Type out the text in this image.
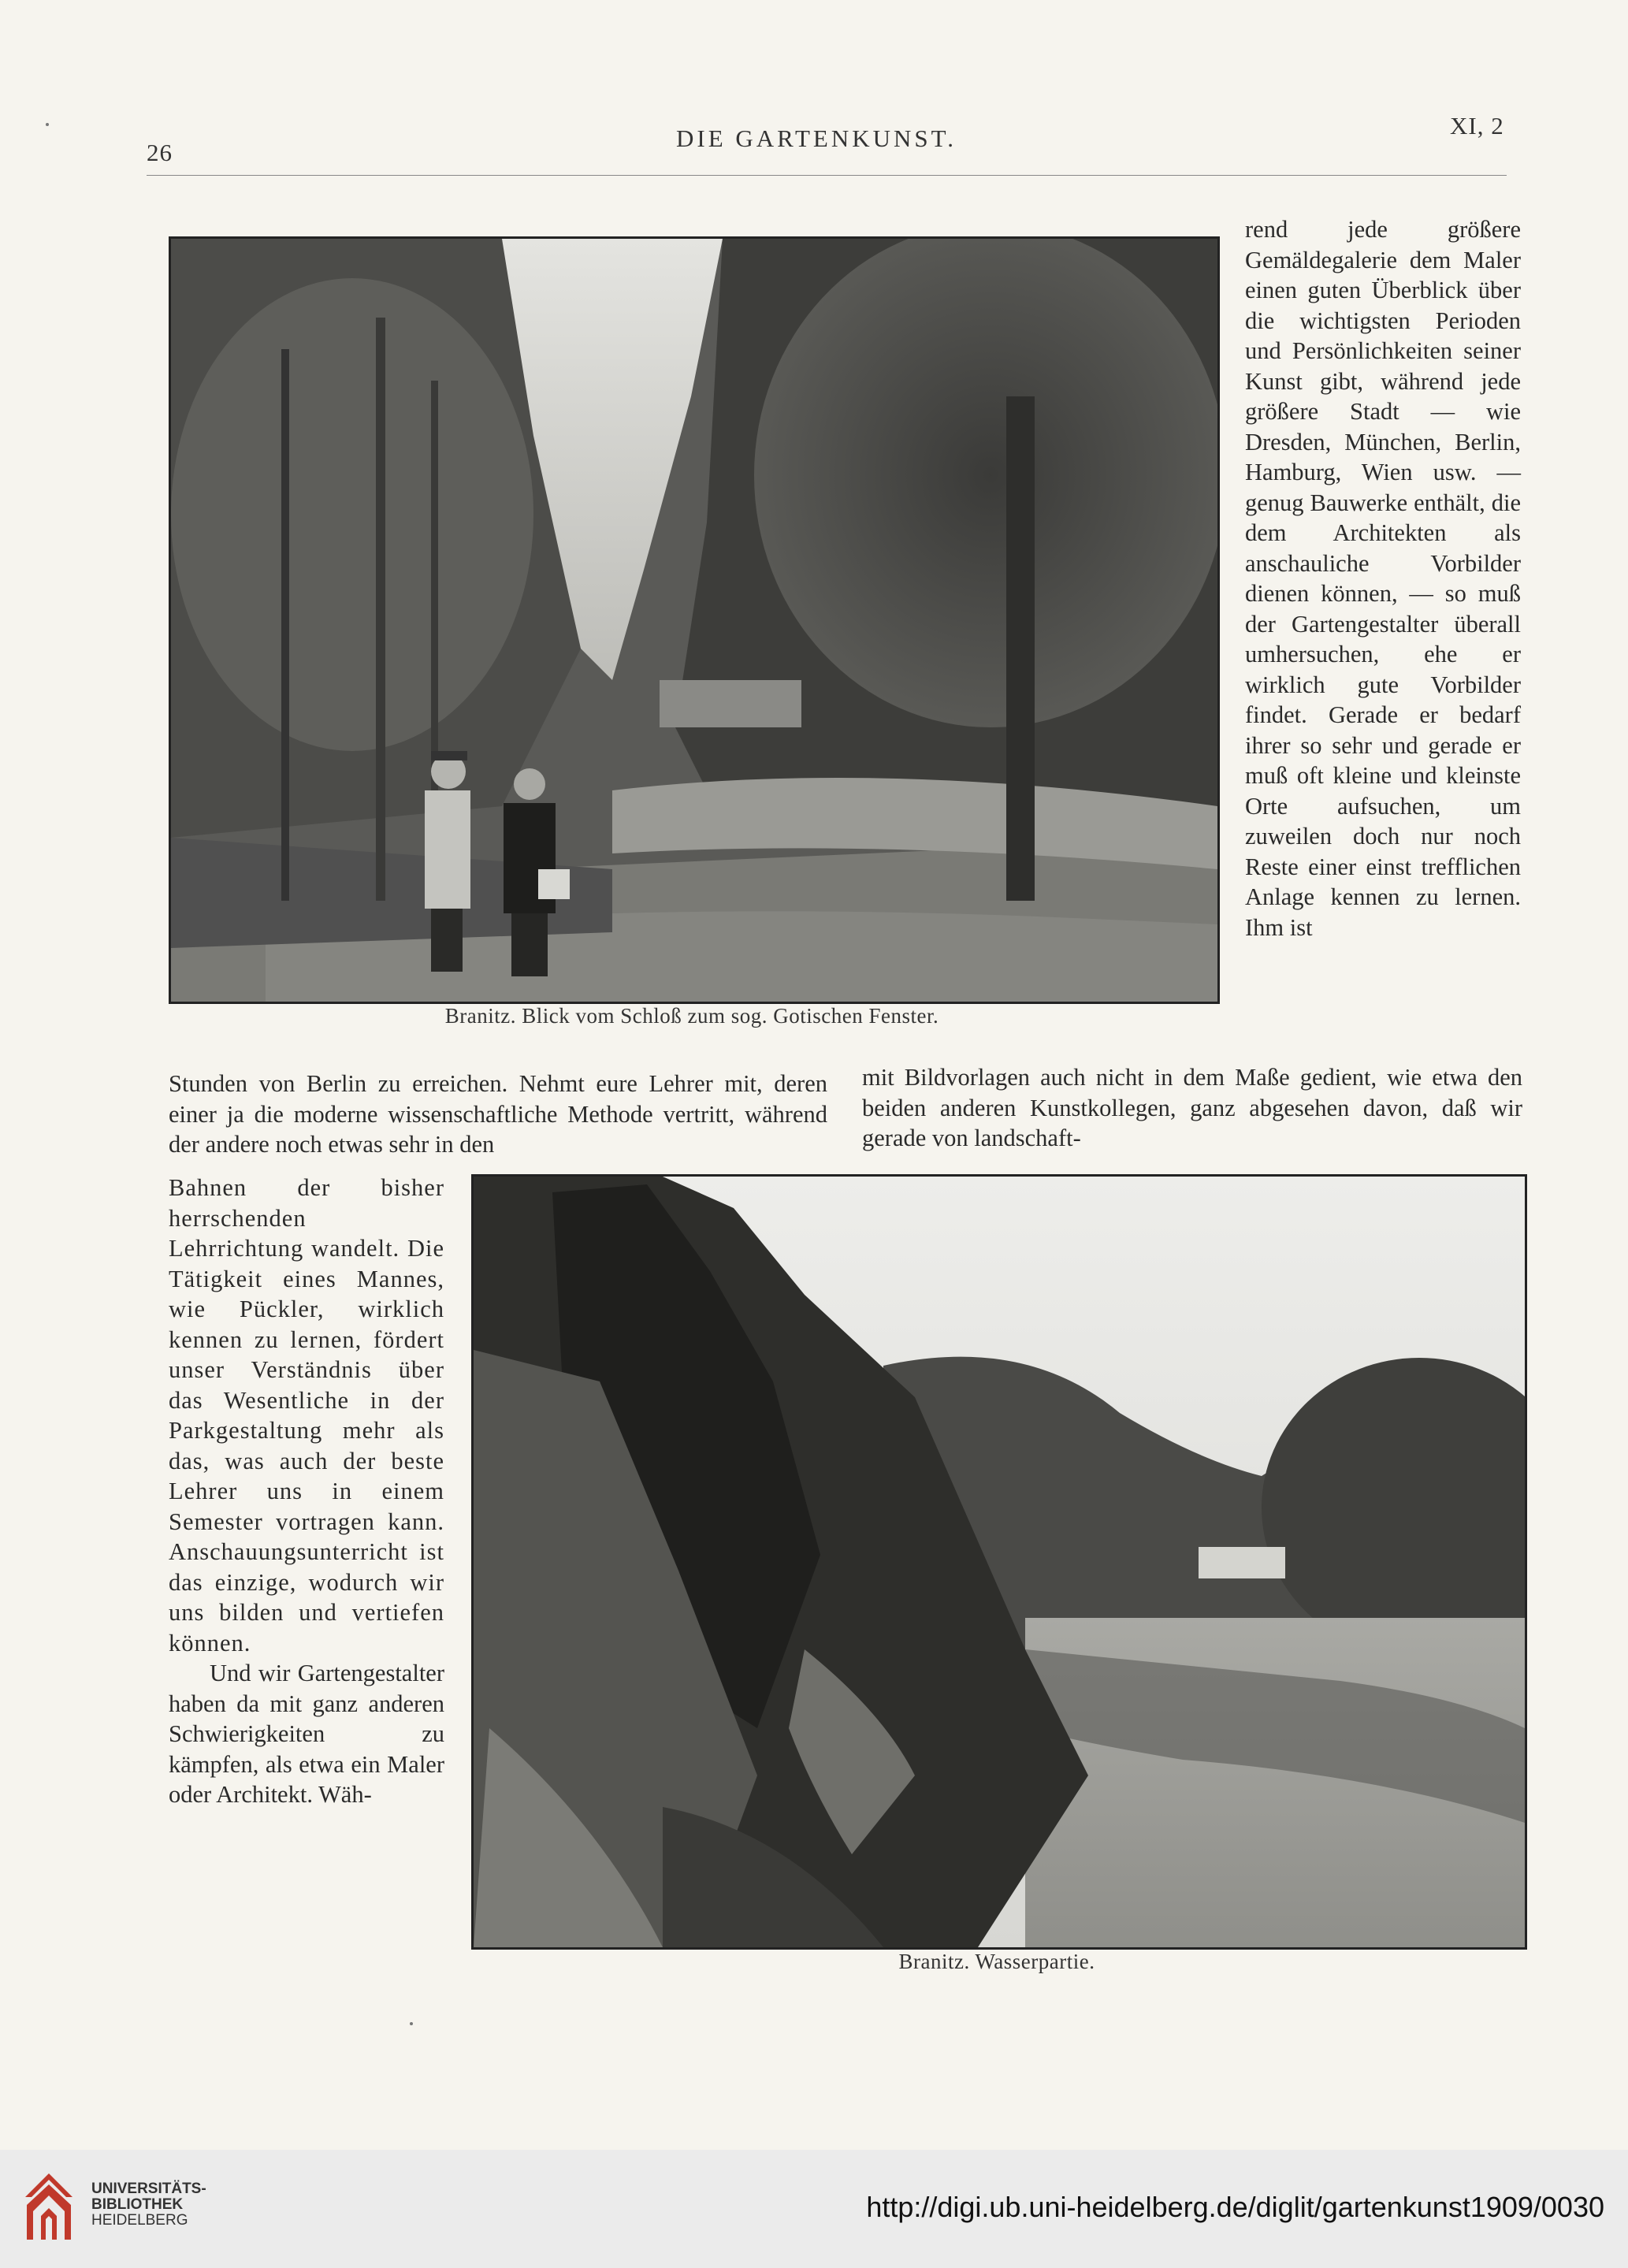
26
DIE GARTENKUNST.	XI, 2
Branitz. Blick vom Schloß zum sog. Gotischen Fenster.

rend jede größere Gemäldegalerie dem Maler einen guten Überblick über die wichtigsten Perioden und Persönlichkeiten seiner Kunst gibt, während jede größere Stadt — wie Dresden, München, Berlin, Hamburg, Wien usw. — genug Bauwerke enthält, die dem Architekten als anschauliche Vorbilder dienen können, — so muß der Gartengestalter überall umhersuchen, ehe er wirklich gute Vorbilder findet. Gerade er bedarf ihrer so sehr und gerade er muß oft kleine und kleinste Orte aufsuchen, um zuweilen doch nur noch Reste einer einst trefflichen Anlage kennen zu lernen. Ihm ist

Stunden von Berlin zu erreichen. Nehmt eure Lehrer mit, deren einer ja die moderne wissenschaftliche Methode vertritt, während der andere noch etwas sehr in den

mit Bildvorlagen auch nicht in dem Maße gedient, wie etwa den beiden anderen Kunstkollegen, ganz abgesehen davon, daß wir gerade von landschaft-

Branitz. Wasserpartie.

Bahnen der bisher herrschenden Lehrrichtung wandelt. Die Tätigkeit eines Mannes, wie Pückler, wirklich kennen zu lernen, fördert unser Verständnis über das Wesentliche in der Parkgestaltung mehr als das, was auch der beste Lehrer uns in einem Semester vortragen kann. Anschauungsunterricht ist das einzige, wodurch wir uns bilden und vertiefen können.

Und wir Gartengestalter haben da mit ganz anderen Schwierigkeiten zu kämpfen, als etwa ein Maler oder Architekt. Wäh-

UNIVERSITÄTS-
BIBLIOTHEK
HEIDELBERG	http://digi.ub.uni-heidelberg.de/diglit/gartenkunst1909/0030
